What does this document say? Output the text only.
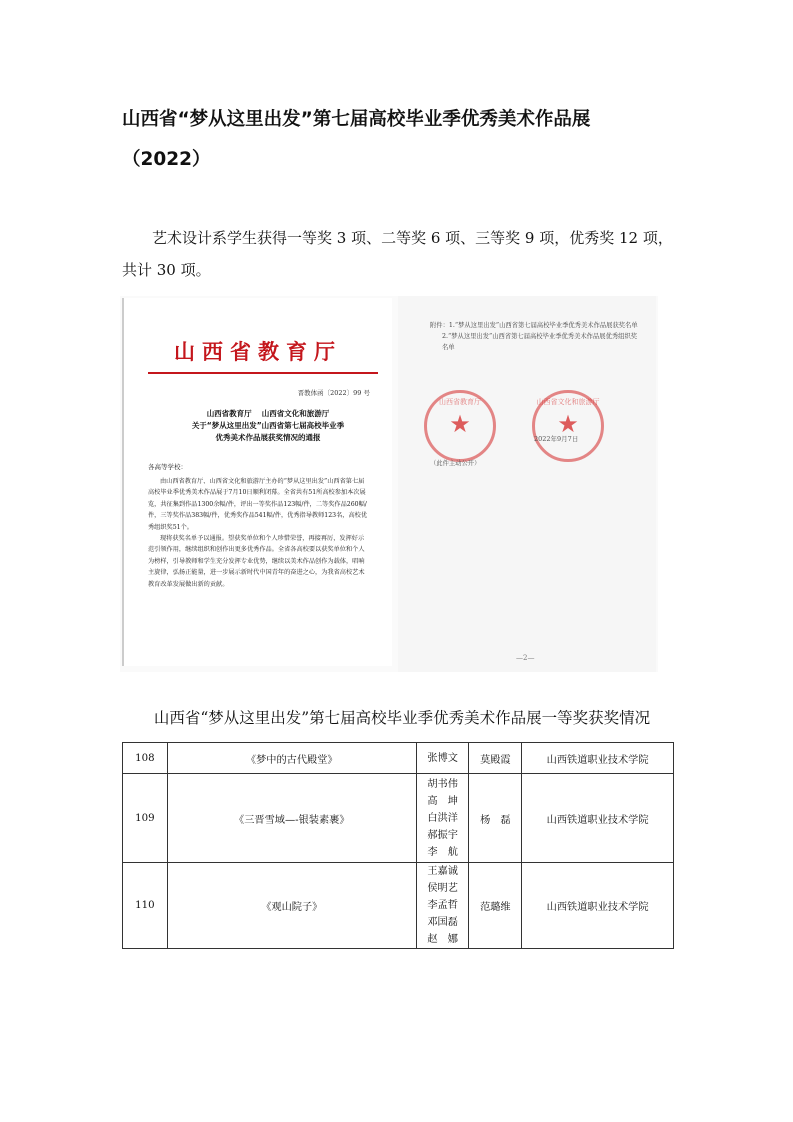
山西省“梦从这里出发”第七届高校毕业季优秀美术作品展
（2022）

艺术设计系学生获得一等奖 3 项、二等奖 6 项、三等奖 9 项，优秀奖 12 项，共计 30 项。

山西省教育厅
晋教体函〔2022〕99 号
山西省教育厅　 山西省文化和旅游厅
关于“梦从这里出发”山西省第七届高校毕业季
优秀美术作品展获奖情况的通报
各高等学校：
由山西省教育厅、山西省文化和旅游厅主办的“梦从这里出发”山西省第七届高校毕业季优秀美术作品展于7月10日顺利闭幕。全省共有51所高校参加本次展览，共征集到作品1300余幅/件，评出一等奖作品123幅/件，二等奖作品260幅/件，三等奖作品383幅/件，优秀奖作品541幅/件，优秀指导教师123名，高校优秀组织奖51个。
现将获奖名单予以通报。望获奖单位和个人珍惜荣誉，再接再厉，发挥好示范引领作用，继续组织和创作出更多优秀作品。全省各高校要以获奖单位和个人为榜样，引导教师和学生充分发挥专业优势，继续以美术作品创作为载体，唱响主旋律，弘扬正能量，进一步展示新时代中国青年的奋进之心，为我省高校艺术教育改革发展做出新的贡献。
附件：1.“梦从这里出发”山西省第七届高校毕业季优秀美术作品展获奖名单
2.“梦从这里出发”山西省第七届高校毕业季优秀美术作品展优秀组织奖名单
山西省教育厅
★
山西省文化和旅游厅
★
2022年9月7日
（此件主动公开）
—2—

山西省“梦从这里出发”第七届高校毕业季优秀美术作品展一等奖获奖情况

108	《梦中的古代殿堂》	张博文	莫殿霞	山西铁道职业技术学院
109	《三晋雪域—-银装素裹》	胡书伟
高　坤
白洪洋
郝振宇
李　航	杨　磊	山西铁道职业技术学院
110	《观山院子》	王嘉诚
侯明艺
李孟哲
邓国磊
赵　娜	范璐维	山西铁道职业技术学院
